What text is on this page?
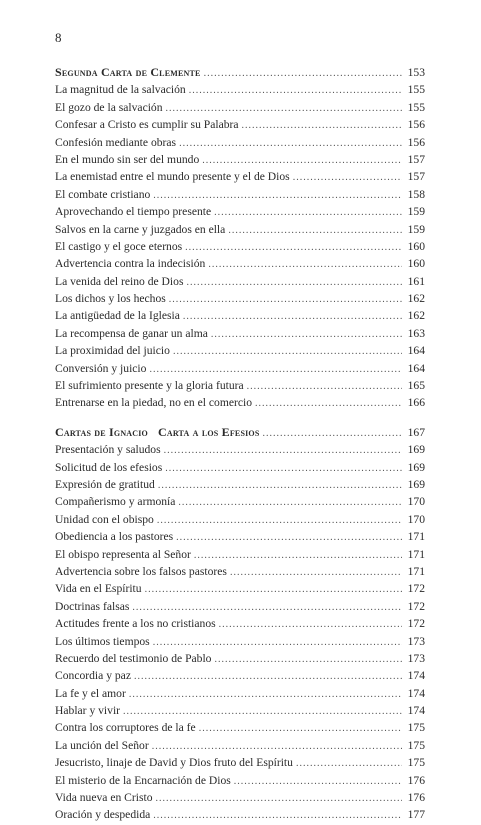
8
Segunda Carta de Clemente .....	153
La magnitud de la salvación .....	155
El gozo de la salvación .....	155
Confesar a Cristo es cumplir su Palabra .....	156
Confesión mediante obras .....	156
En el mundo sin ser del mundo .....	157
La enemistad entre el mundo presente y el de Dios .....	157
El combate cristiano .....	158
Aprovechando el tiempo presente .....	159
Salvos en la carne y juzgados en ella .....	159
El castigo y el goce eternos .....	160
Advertencia contra la indecisión .....	160
La venida del reino de Dios .....	161
Los dichos y los hechos .....	162
La antigüedad de la Iglesia .....	162
La recompensa de ganar un alma .....	163
La proximidad del juicio .....	164
Conversión y juicio .....	164
El sufrimiento presente y la gloria futura .....	165
Entrenarse en la piedad, no en el comercio .....	166
Cartas de Ignacio Carta a los Efesios .....	167
Presentación y saludos .....	169
Solicitud de los efesios .....	169
Expresión de gratitud .....	169
Compañerismo y armonía .....	170
Unidad con el obispo .....	170
Obediencia a los pastores .....	171
El obispo representa al Señor .....	171
Advertencia sobre los falsos pastores .....	171
Vida en el Espíritu .....	172
Doctrinas falsas .....	172
Actitudes frente a los no cristianos .....	172
Los últimos tiempos .....	173
Recuerdo del testimonio de Pablo .....	173
Concordia y paz .....	174
La fe y el amor .....	174
Hablar y vivir .....	174
Contra los corruptores de la fe .....	175
La unción del Señor .....	175
Jesucristo, linaje de David y Dios fruto del Espíritu .....	175
El misterio de la Encarnación de Dios .....	176
Vida nueva en Cristo .....	176
Oración y despedida .....	177
